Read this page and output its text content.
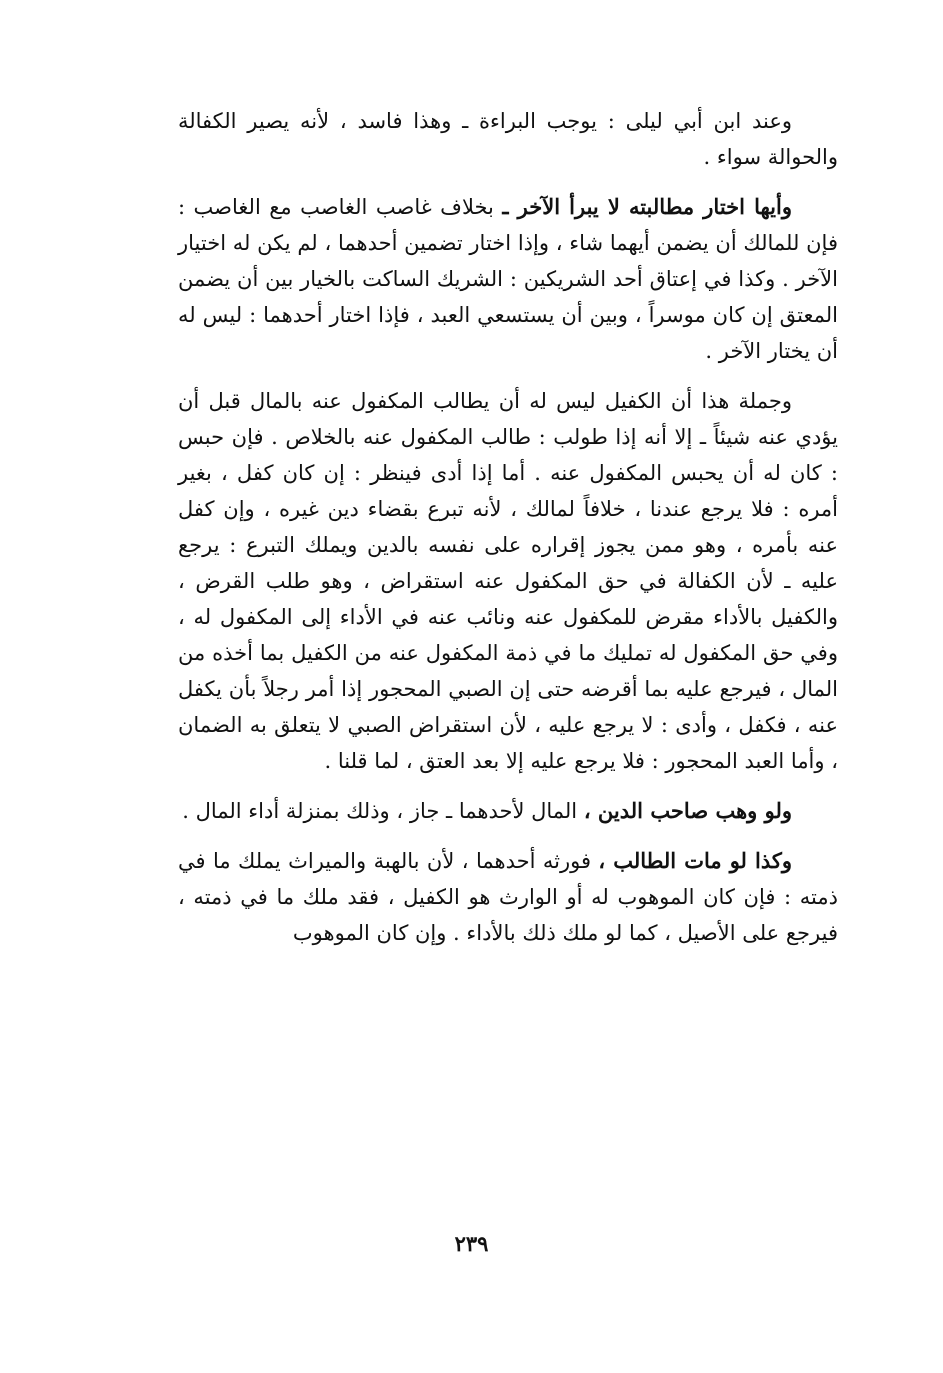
وعند ابن أبي ليلى : يوجب البراءة ـ وهذا فاسد ، لأنه يصير الكفالة والحوالة سواء .

وأيها اختار مطالبته لا يبرأ الآخر ـ بخلاف غاصب الغاصب مع الغاصب : فإن للمالك أن يضمن أيهما شاء ، وإذا اختار تضمين أحدهما ، لم يكن له اختيار الآخر . وكذا في إعتاق أحد الشريكين : الشريك الساكت بالخيار بين أن يضمن المعتق إن كان موسراً ، وبين أن يستسعي العبد ، فإذا اختار أحدهما : ليس له أن يختار الآخر .

وجملة هذا أن الكفيل ليس له أن يطالب المكفول عنه بالمال قبل أن يؤدي عنه شيئاً ـ إلا أنه إذا طولب : طالب المكفول عنه بالخلاص . فإن حبس : كان له أن يحبس المكفول عنه . أما إذا أدى فينظر : إن كان كفل ، بغير أمره : فلا يرجع عندنا ، خلافاً لمالك ، لأنه تبرع بقضاء دين غيره ، وإن كفل عنه بأمره ، وهو ممن يجوز إقراره على نفسه بالدين ويملك التبرع : يرجع عليه ـ لأن الكفالة في حق المكفول عنه استقراض ، وهو طلب القرض ، والكفيل بالأداء مقرض للمكفول عنه ونائب عنه في الأداء إلى المكفول له ، وفي حق المكفول له تمليك ما في ذمة المكفول عنه من الكفيل بما أخذه من المال ، فيرجع عليه بما أقرضه حتى إن الصبي المحجور إذا أمر رجلاً بأن يكفل عنه ، فكفل ، وأدى : لا يرجع عليه ، لأن استقراض الصبي لا يتعلق به الضمان ، وأما العبد المحجور : فلا يرجع عليه إلا بعد العتق ، لما قلنا .

ولو وهب صاحب الدين ، المال لأحدهما ـ جاز ، وذلك بمنزلة أداء المال .

وكذا لو مات الطالب ، فورثه أحدهما ، لأن بالهبة والميراث يملك ما في ذمته : فإن كان الموهوب له أو الوارث هو الكفيل ، فقد ملك ما في ذمته ، فيرجع على الأصيل ، كما لو ملك ذلك بالأداء . وإن كان الموهوب

٢٣٩
